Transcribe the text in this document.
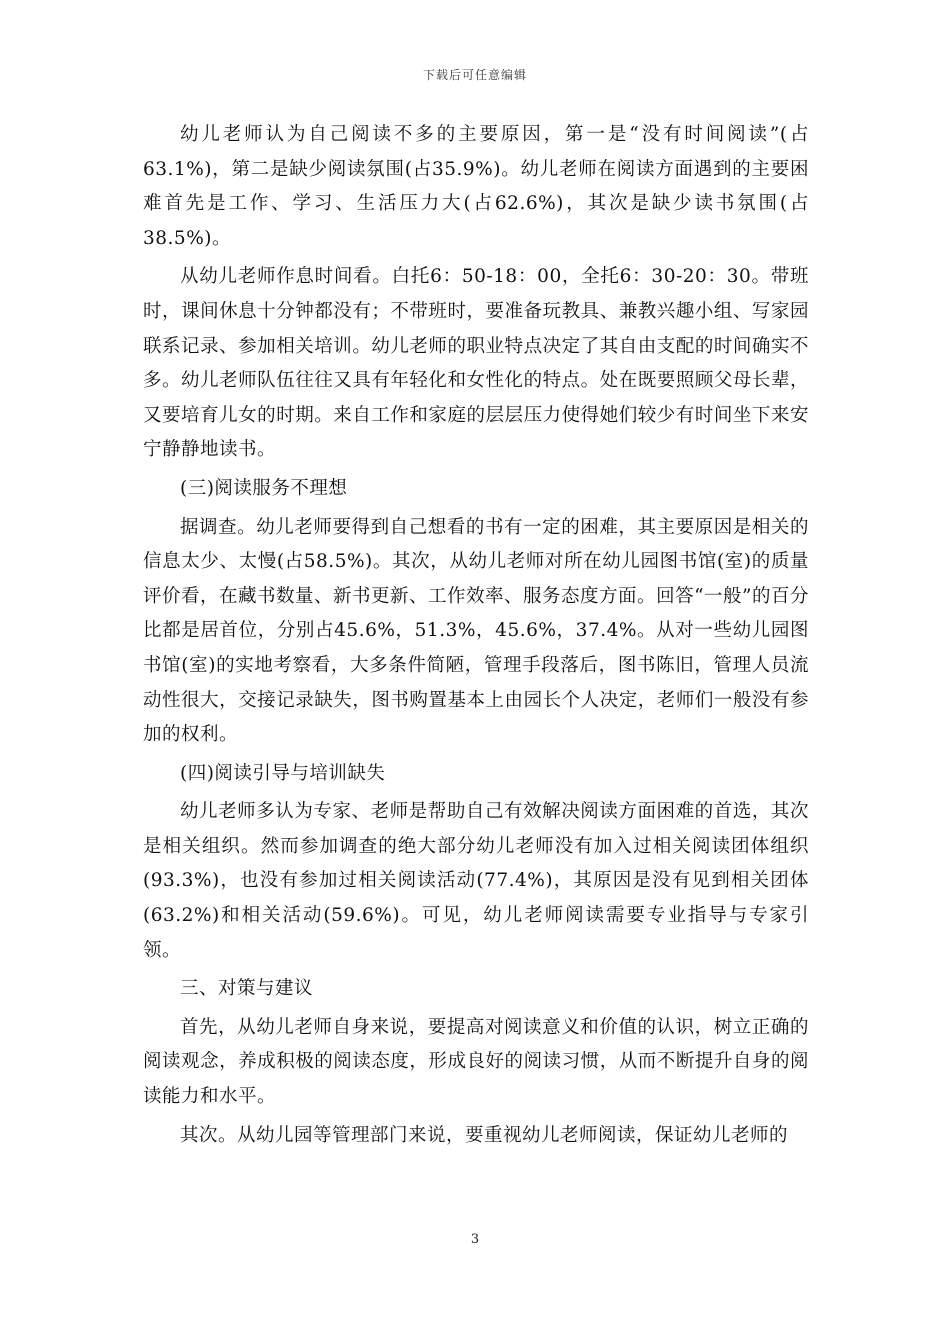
下载后可任意编辑

幼儿老师认为自己阅读不多的主要原因，第一是“没有时间阅读”(占63.1%)，第二是缺少阅读氛围(占35.9%)。幼儿老师在阅读方面遇到的主要困难首先是工作、学习、生活压力大(占62.6%)，其次是缺少读书氛围(占38.5%)。

从幼儿老师作息时间看。白托6：50-18：00，全托6：30-20：30。带班时，课间休息十分钟都没有；不带班时，要准备玩教具、兼教兴趣小组、写家园联系记录、参加相关培训。幼儿老师的职业特点决定了其自由支配的时间确实不多。幼儿老师队伍往往又具有年轻化和女性化的特点。处在既要照顾父母长辈，又要培育儿女的时期。来自工作和家庭的层层压力使得她们较少有时间坐下来安宁静静地读书。

(三)阅读服务不理想

据调查。幼儿老师要得到自己想看的书有一定的困难，其主要原因是相关的信息太少、太慢(占58.5%)。其次，从幼儿老师对所在幼儿园图书馆(室)的质量评价看，在藏书数量、新书更新、工作效率、服务态度方面。回答“一般”的百分比都是居首位，分别占45.6%，51.3%，45.6%，37.4%。从对一些幼儿园图书馆(室)的实地考察看，大多条件简陋，管理手段落后，图书陈旧，管理人员流动性很大，交接记录缺失，图书购置基本上由园长个人决定，老师们一般没有参加的权利。

(四)阅读引导与培训缺失

幼儿老师多认为专家、老师是帮助自己有效解决阅读方面困难的首选，其次是相关组织。然而参加调查的绝大部分幼儿老师没有加入过相关阅读团体组织(93.3%)，也没有参加过相关阅读活动(77.4%)，其原因是没有见到相关团体(63.2%)和相关活动(59.6%)。可见，幼儿老师阅读需要专业指导与专家引领。

三、对策与建议

首先，从幼儿老师自身来说，要提高对阅读意义和价值的认识，树立正确的阅读观念，养成积极的阅读态度，形成良好的阅读习惯，从而不断提升自身的阅读能力和水平。

其次。从幼儿园等管理部门来说，要重视幼儿老师阅读，保证幼儿老师的

3
